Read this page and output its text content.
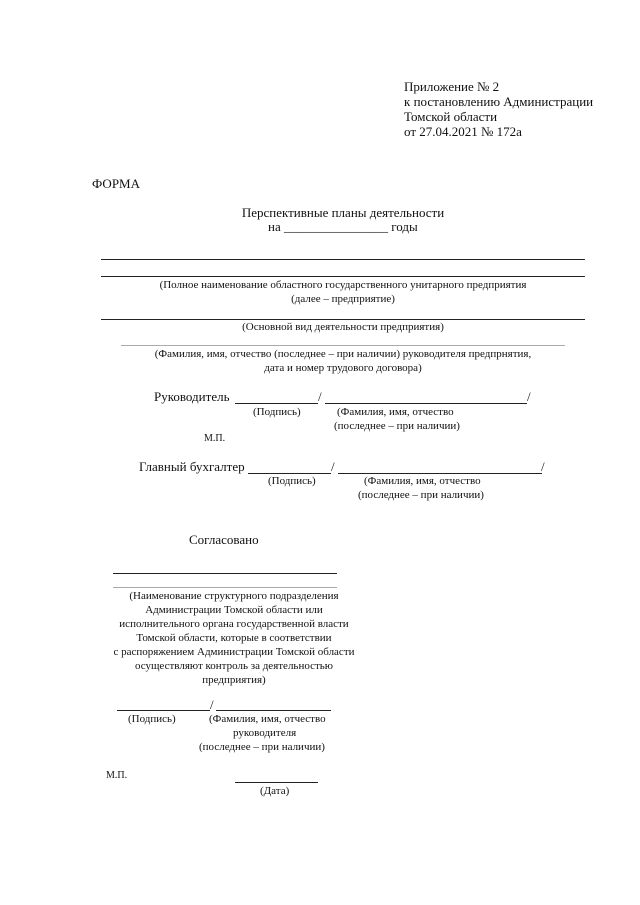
Приложение № 2
к постановлению Администрации
Томской области
от 27.04.2021 № 172а
ФОРМА
Перспективные планы деятельности
на ________________ годы
(Полное наименование областного государственного унитарного предприятия
(далее – предприятие)
(Основной вид деятельности предприятия)
(Фамилия, имя, отчество (последнее – при наличии) руководителя предпрнятия,
дата и номер трудового договора)
Руководитель	/	/
(Подпись)	(Фамилия, имя, отчество
(последнее – при наличии)
М.П.
Главный бухгалтер	/	/
(Подпись)	(Фамилия, имя, отчество
(последнее – при наличии)
Согласовано
(Наименование структурного подразделения
Администрации Томской области или
исполнительного органа государственной власти
Томской области, которые в соответствии
с распоряжением Администрации Томской области
осуществляют контроль за деятельностью
предприятия)
/
(Подпись)	(Фамилия, имя, отчество
руководителя
(последнее – при наличии)
М.П.
(Дата)
